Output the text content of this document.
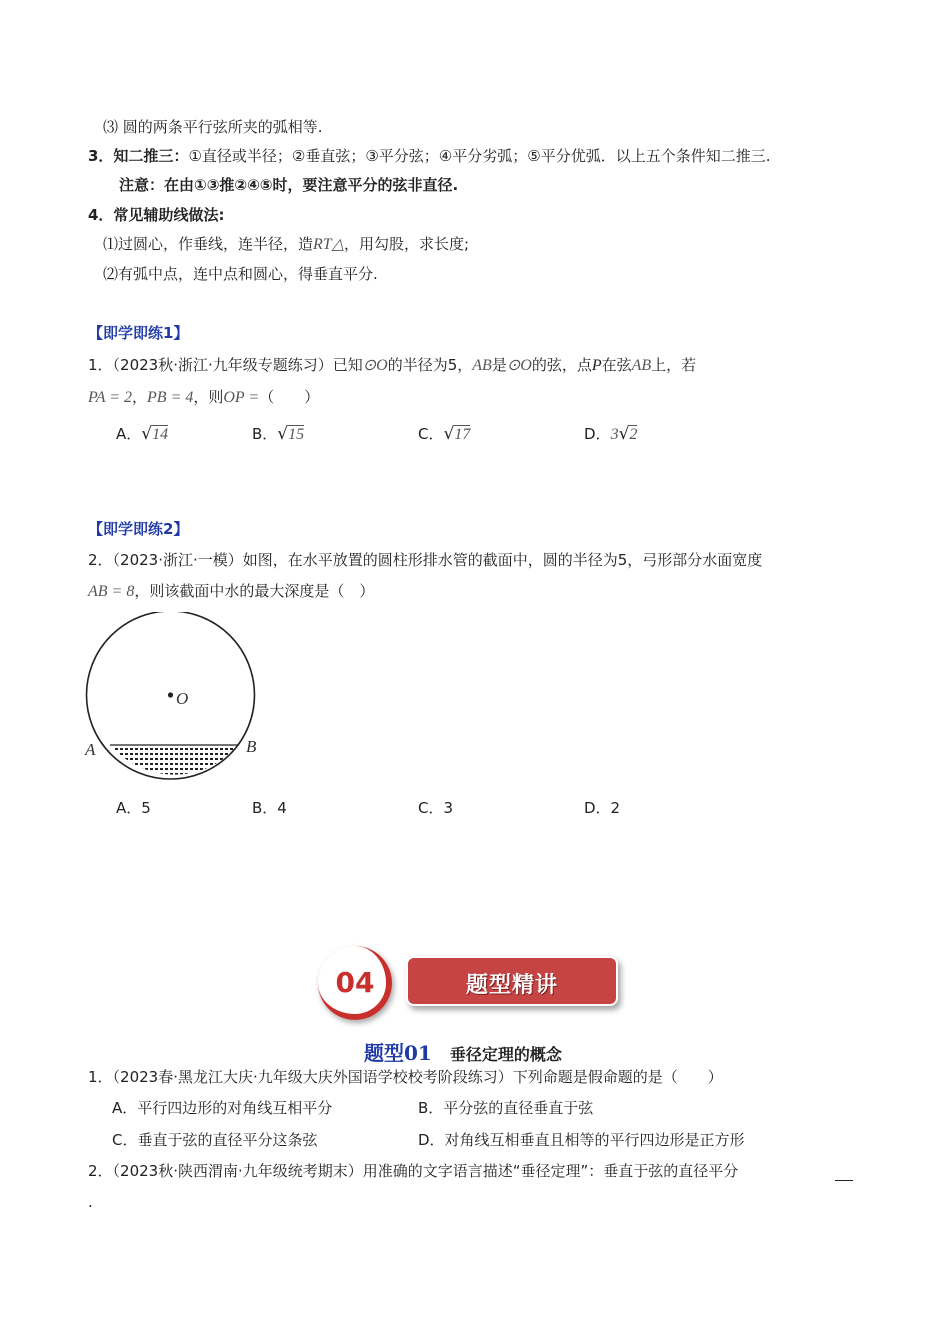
⑶ 圆的两条平行弦所夹的弧相等.
3．知二推三：①直径或半径；②垂直弦；③平分弦；④平分劣弧；⑤平分优弧．以上五个条件知二推三.
注意：在由①③推②④⑤时，要注意平分的弦非直径.
4．常见辅助线做法:
⑴过圆心，作垂线，连半径，造RT△，用勾股，求长度;
⑵有弧中点，连中点和圆心，得垂直平分.
【即学即练1】
1．（2023秋·浙江·九年级专题练习）已知⊙O的半径为5，AB是⊙O的弦，点P在弦AB上，若
PA = 2，PB = 4，则OP =（　　）
A．√14	B．√15	C．√17	D．3√2
【即学即练2】
2．（2023·浙江·一模）如图，在水平放置的圆柱形排水管的截面中，圆的半径为5，弓形部分水面宽度
AB = 8，则该截面中水的最大深度是（　）
O
A	B
A．5	B．4	C．3	D．2
04	题型精讲
题型01 垂径定理的概念
1．（2023春·黑龙江大庆·九年级大庆外国语学校校考阶段练习）下列命题是假命题的是（　　）
A．平行四边形的对角线互相平分	B．平分弦的直径垂直于弦
C．垂直于弦的直径平分这条弦	D．对角线互相垂直且相等的平行四边形是正方形
2．（2023秋·陕西渭南·九年级统考期末）用准确的文字语言描述“垂径定理”：垂直于弦的直径平分
.
